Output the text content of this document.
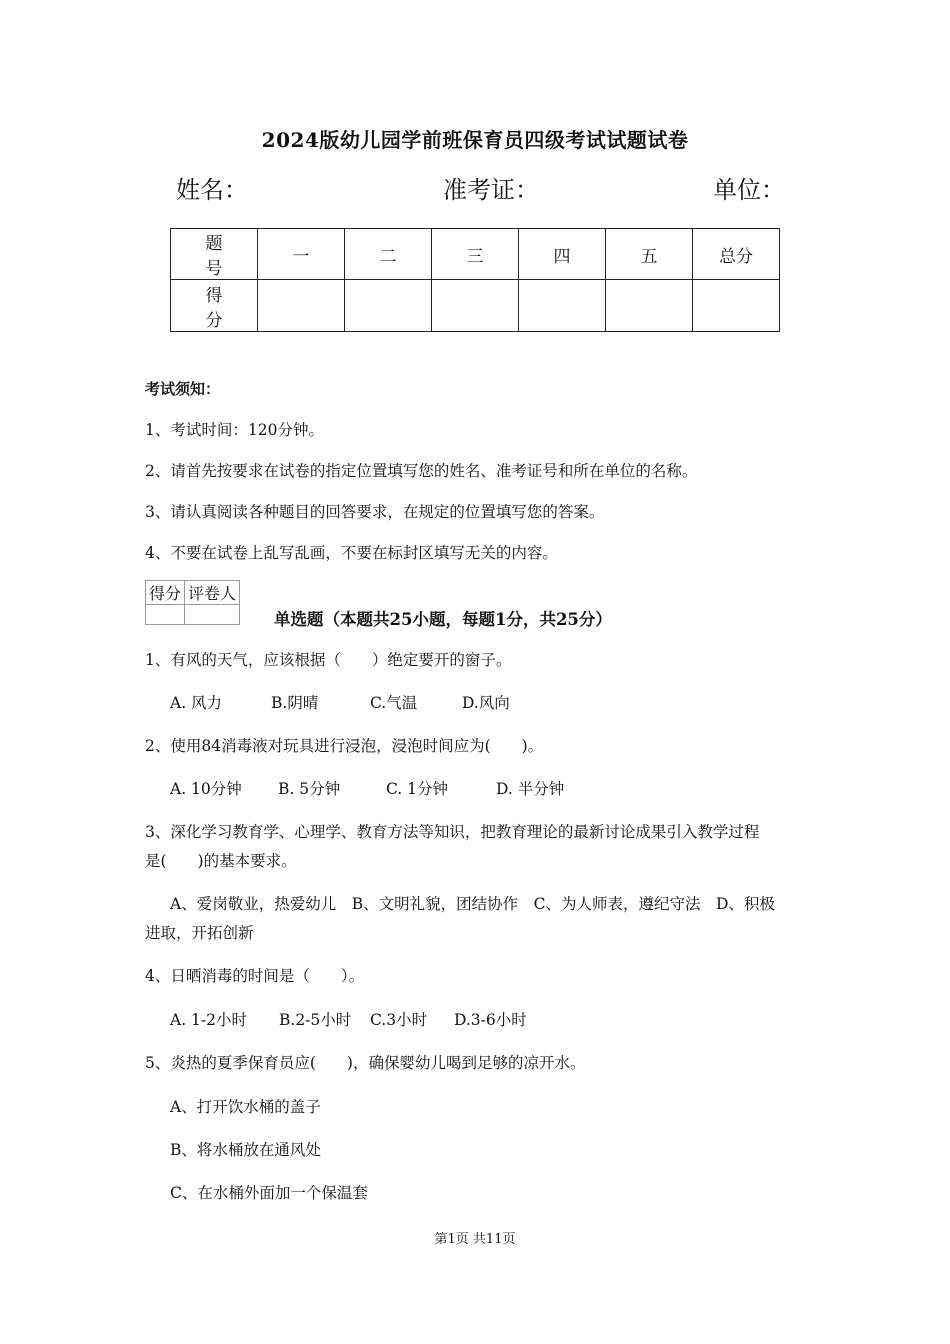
2024版幼儿园学前班保育员四级考试试题试卷
姓名：	准考证：	单位：
题　号	一	二	三	四	五	总分
得　分						
考试须知：
1、考试时间：120分钟。
2、请首先按要求在试卷的指定位置填写您的姓名、准考证号和所在单位的名称。
3、请认真阅读各种题目的回答要求，在规定的位置填写您的答案。
4、不要在试卷上乱写乱画，不要在标封区填写无关的内容。
得分	评卷人

单选题（本题共25小题，每题1分，共25分）
1、有风的天气，应该根据（　　）绝定要开的窗子。
A. 风力	B.阴晴	C.气温	D.风向
2、使用84消毒液对玩具进行浸泡，浸泡时间应为(　　)。
A. 10分钟 B. 5分钟	C. 1分钟	D. 半分钟
3、深化学习教育学、心理学、教育方法等知识，把教育理论的最新讨论成果引入教学过程
是(　　)的基本要求。
A、爱岗敬业，热爱幼儿　B、文明礼貌，团结协作　C、为人师表，遵纪守法　D、积极
进取，开拓创新
4、日晒消毒的时间是（　　）。
A. 1-2小时 B.2-5小时 C.3小时 D.3-6小时
5、炎热的夏季保育员应(　　)，确保婴幼儿喝到足够的凉开水。
A、打开饮水桶的盖子
B、将水桶放在通风处
C、在水桶外面加一个保温套
第1页 共11页
